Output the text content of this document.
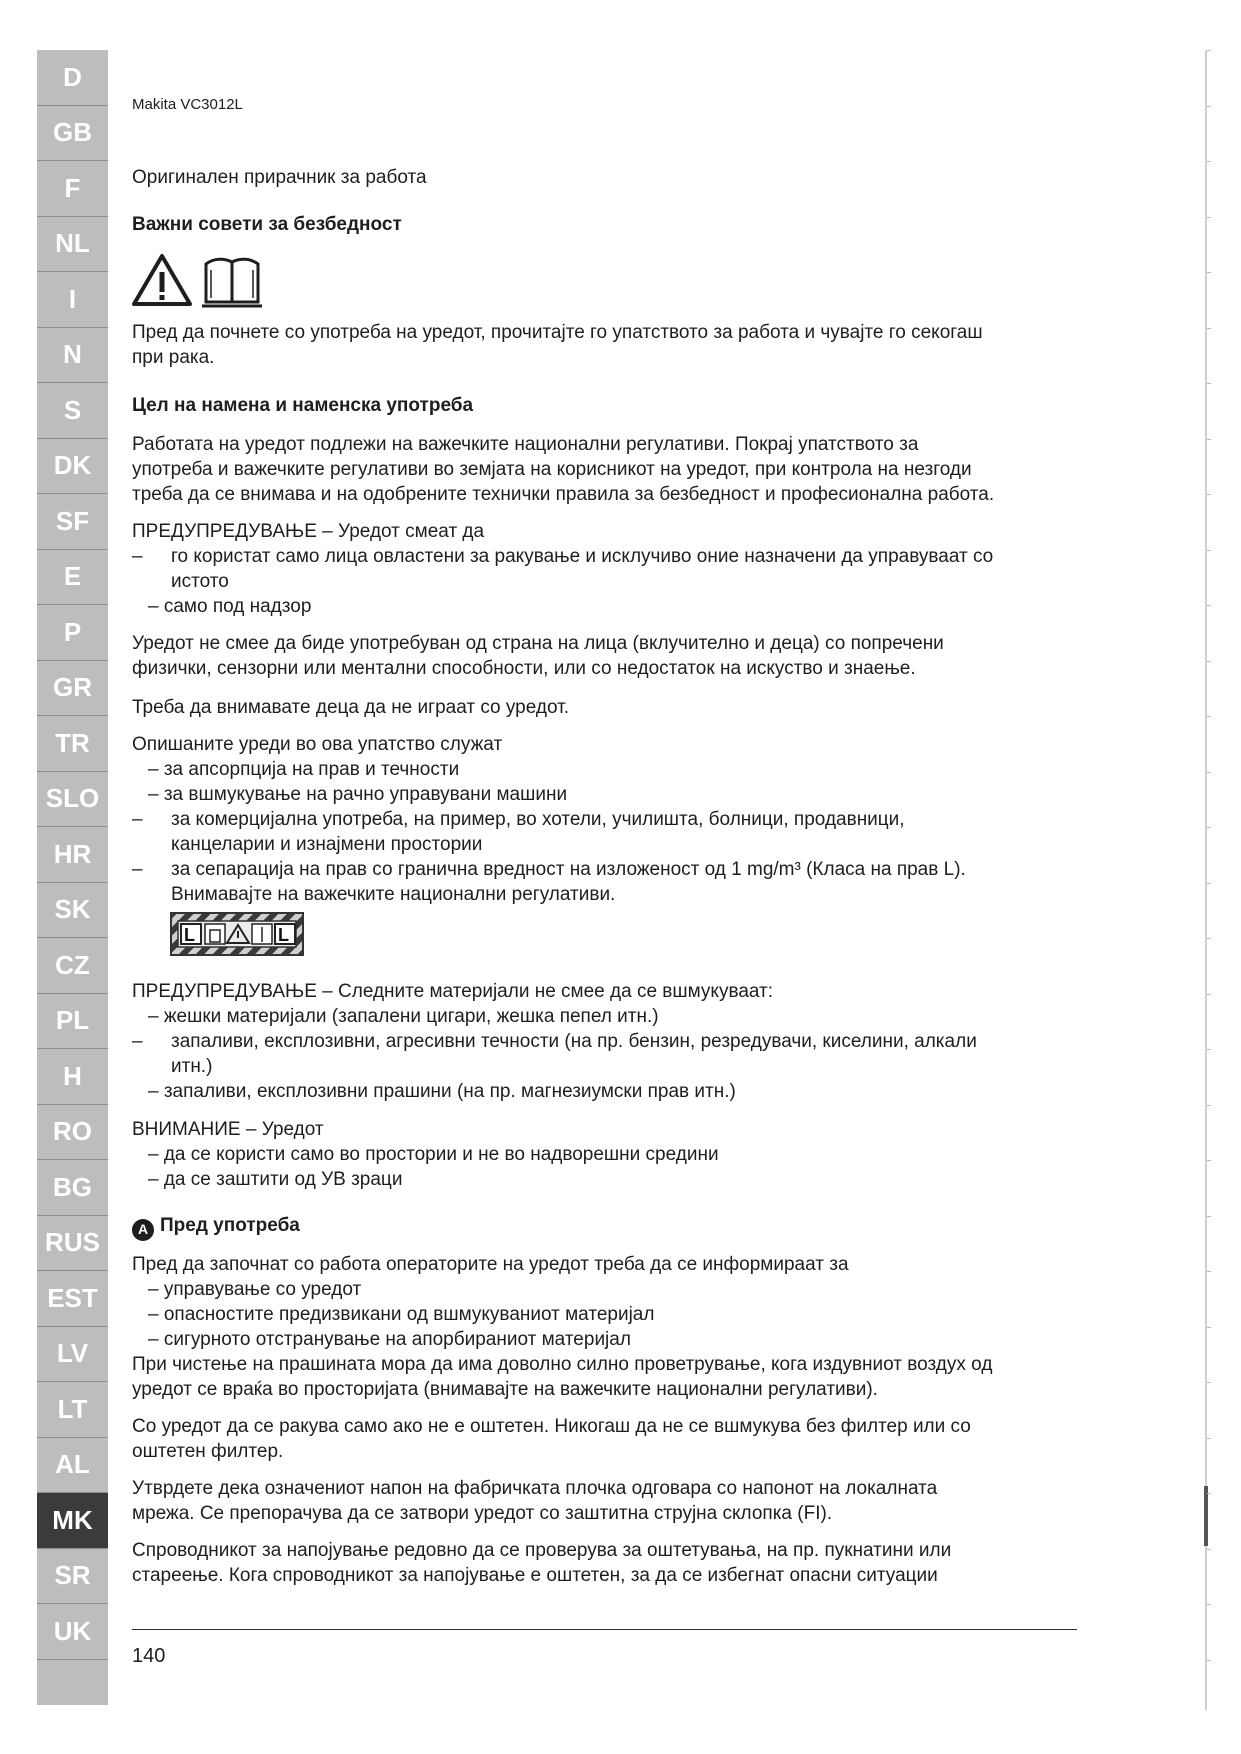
D
GB
F
NL
I
N
S
DK
SF
E
P
GR
TR
SLO
HR
SK
CZ
PL
H
RO
BG
RUS
EST
LV
LT
AL
MK
SR
UK
Makita VC3012L
Оригинален прирачник за работа
Важни совети за безбедност
Пред да почнете со употреба на уредот, прочитајте го упатството за работа и чувајте го секогаш
при рака.
Цел на намена и наменска употреба
Работата на уредот подлежи на важечките национални регулативи. Покрај упатството за
употреба и важечките регулативи во земјата на корисникот на уредот, при контрола на незгоди
треба да се внимава и на одобрените технички правила за безбедност и професионална работа.
ПРЕДУПРЕДУВАЊЕ – Уредот смеат да
– го користат само лица овластени за ракување и исклучиво оние назначени да управуваат со
истото
– само под надзор
Уредот не смее да биде употребуван од страна на лица (вклучително и деца) со попречени
физички, сензорни или ментални способности, или со недостаток на искуство и знаење.
Треба да внимавате деца да не играат со уредот.
Опишаните уреди во ова упатство служат
– за апсорпција на прав и течности
– за вшмукување на рачно управувани машини
– за комерцијална употреба, на пример, во хотели, училишта, болници, продавници,
канцеларии и изнајмени простории
– за сепарација на прав со гранична вредност на изложеност од 1 mg/m³ (Класа на прав L).
Внимавајте на важечките национални регулативи.
L	L
ПРЕДУПРЕДУВАЊЕ – Следните материјали не смее да се вшмукуваат:
– жешки материјали (запалени цигари, жешка пепел итн.)
– запаливи, експлозивни, агресивни течности (на пр. бензин, резредувачи, киселини, алкали
итн.)
– запаливи, експлозивни прашини (на пр. магнезиумски прав итн.)
ВНИМАНИЕ – Уредот
– да се користи само во простории и не во надворешни средини
– да се заштити од УВ зраци
A Пред употреба
Пред да започнат со работа операторите на уредот треба да се информираат за
– управување со уредот
– опасностите предизвикани од вшмукуваниот материјал
– сигурното отстранување на апорбираниот материјал
При чистење на прашината мора да има доволно силно проветрување, кога издувниот воздух од
уредот се враќа во просторијата (внимавајте на важечките национални регулативи).
Со уредот да се ракува само ако не е оштетен. Никогаш да не се вшмукува без филтер или со
оштетен филтер.
Утврдете дека означениот напон на фабричката плочка одговара со напонот на локалната
мрежа. Се препорачува да се затвори уредот со заштитна струјна склопка (FI).
Спроводникот за напојување редовно да се проверува за оштетувања, на пр. пукнатини или
стареење. Кога спроводникот за напојување е оштетен, за да се избегнат опасни ситуации
140
